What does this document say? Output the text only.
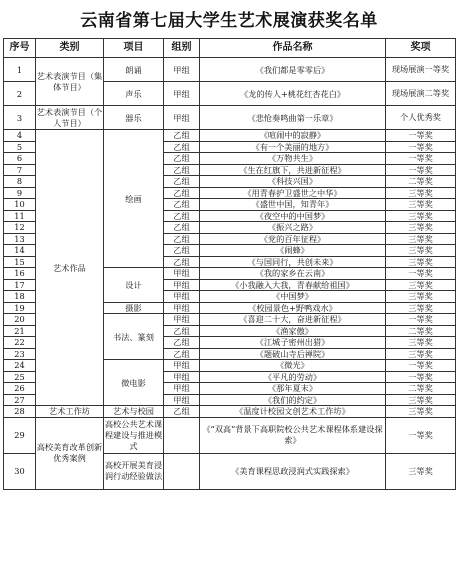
云南省第七届大学生艺术展演获奖名单
序号	类别	项目	组别	作品名称	奖项
1	艺术表演节目（集体节目）	朗诵	甲组	《我们都是零零后》	现场展演一等奖
2		声乐	甲组	《龙的传人+桃花红杏花白》	现场展演二等奖
3	艺术表演节目（个人节目）	器乐	甲组	《悲怆奏鸣曲第一乐章》	个人优秀奖
4	艺术作品	绘画	乙组	《喧闹中的寂静》	一等奖
5			乙组	《有一个美丽的地方》	一等奖
6			乙组	《万物共生》	一等奖
7			乙组	《生在红旗下，共进新征程》	一等奖
8			乙组	《科技兴国》	二等奖
9			乙组	《用青春护卫盛世之中华》	三等奖
10			乙组	《盛世中国，知青年》	三等奖
11			乙组	《夜空中的中国梦》	三等奖
12			乙组	《振兴之路》	三等奖
13			乙组	《党的百年征程》	三等奖
14			乙组	《闹蜂》	三等奖
15			乙组	《与国同行，共创未来》	三等奖
16		设计	甲组	《我的家乡在云南》	一等奖
17			甲组	《小我融入大我，青春献给祖国》	三等奖
18			甲组	《中国梦》	三等奖
19		摄影	甲组	《校园景色+野鸭戏水》	三等奖
20		书法、篆刻	甲组	《喜迎二十大，奋进新征程》	一等奖
21			乙组	《渔家傲》	二等奖
22			乙组	《江城子密州出猎》	三等奖
23			乙组	《题破山寺后禅院》	三等奖
24		微电影	甲组	《微光》	一等奖
25			甲组	《平凡的劳动》	一等奖
26			甲组	《那年夏末》	二等奖
27			甲组	《我们的约定》	三等奖
28	艺术工作坊	艺术与校园	乙组	《温度计校园文创艺术工作坊》	三等奖
29	高校美育改革创新优秀案例	高校公共艺术课程建设与推进模式		《“双高”背景下高职院校公共艺术课程体系建设探索》	一等奖
30		高校开展美育浸润行动经验做法		《美育课程思政浸润式实践探索》	三等奖
